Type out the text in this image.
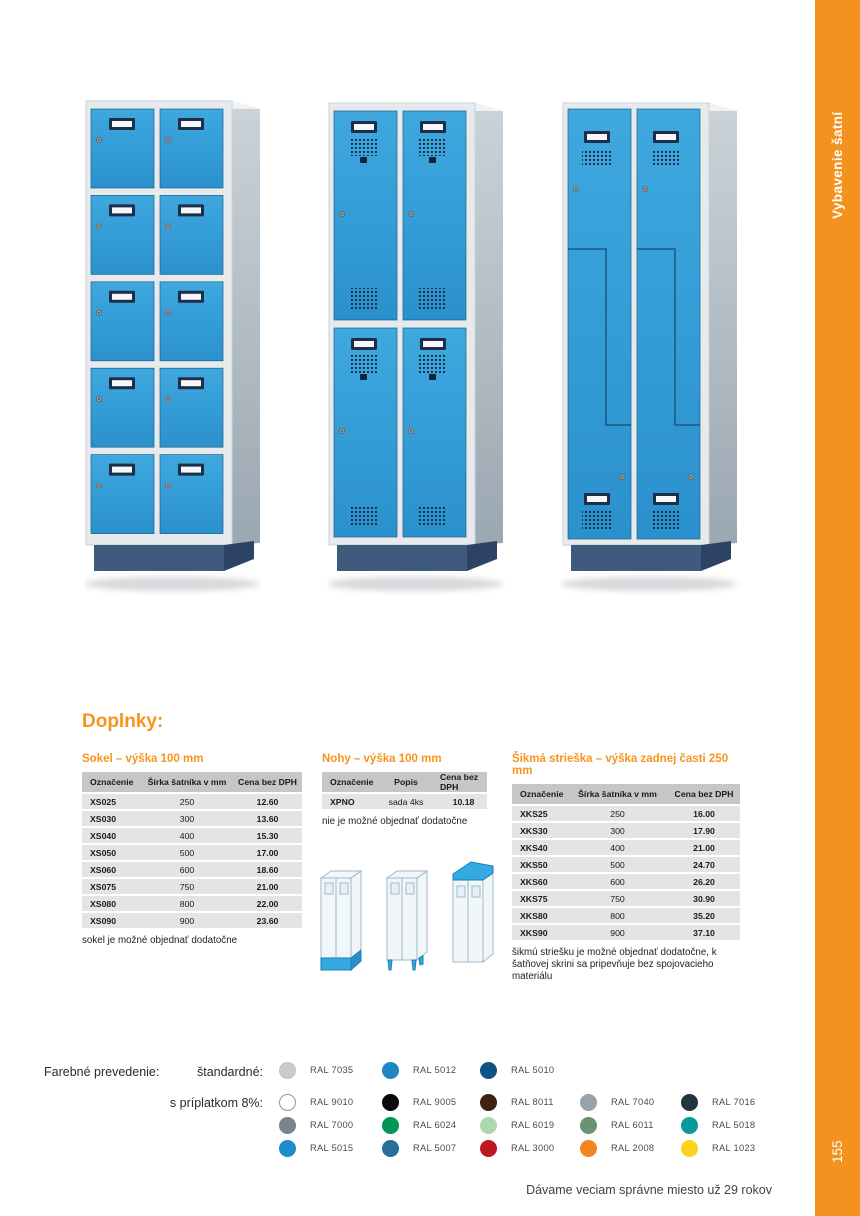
Vybavenie šatní
155
Doplnky:
Sokel – výška 100 mm
Označenie	Šírka šatníka v mm	Cena bez DPH
XS025	250	12.60
XS030	300	13.60
XS040	400	15.30
XS050	500	17.00
XS060	600	18.60
XS075	750	21.00
XS080	800	22.00
XS090	900	23.60
sokel je možné objednať dodatočne
Nohy – výška 100 mm
Označenie	Popis	Cena bez DPH
XPNO	sada 4ks	10.18
nie je možné objednať dodatočne
Šikmá strieška – výška zadnej časti 250 mm
Označenie	Šírka šatníka v mm	Cena bez DPH
XKS25	250	16.00
XKS30	300	17.90
XKS40	400	21.00
XKS50	500	24.70
XKS60	600	26.20
XKS75	750	30.90
XKS80	800	35.20
XKS90	900	37.10
šikmú striešku je možné objednať dodatočne, k šatňovej skrini sa pripevňuje bez spojovacieho materiálu
Farebné prevedenie:	štandardné:
s príplatkom 8%:
RAL 7035	RAL 5012	RAL 5010
RAL 9010	RAL 9005	RAL 8011	RAL 7040	RAL 7016
RAL 7000	RAL 6024	RAL 6019	RAL 6011	RAL 5018
RAL 5015	RAL 5007	RAL 3000	RAL 2008	RAL 1023
Dávame veciam správne miesto už 29 rokov
